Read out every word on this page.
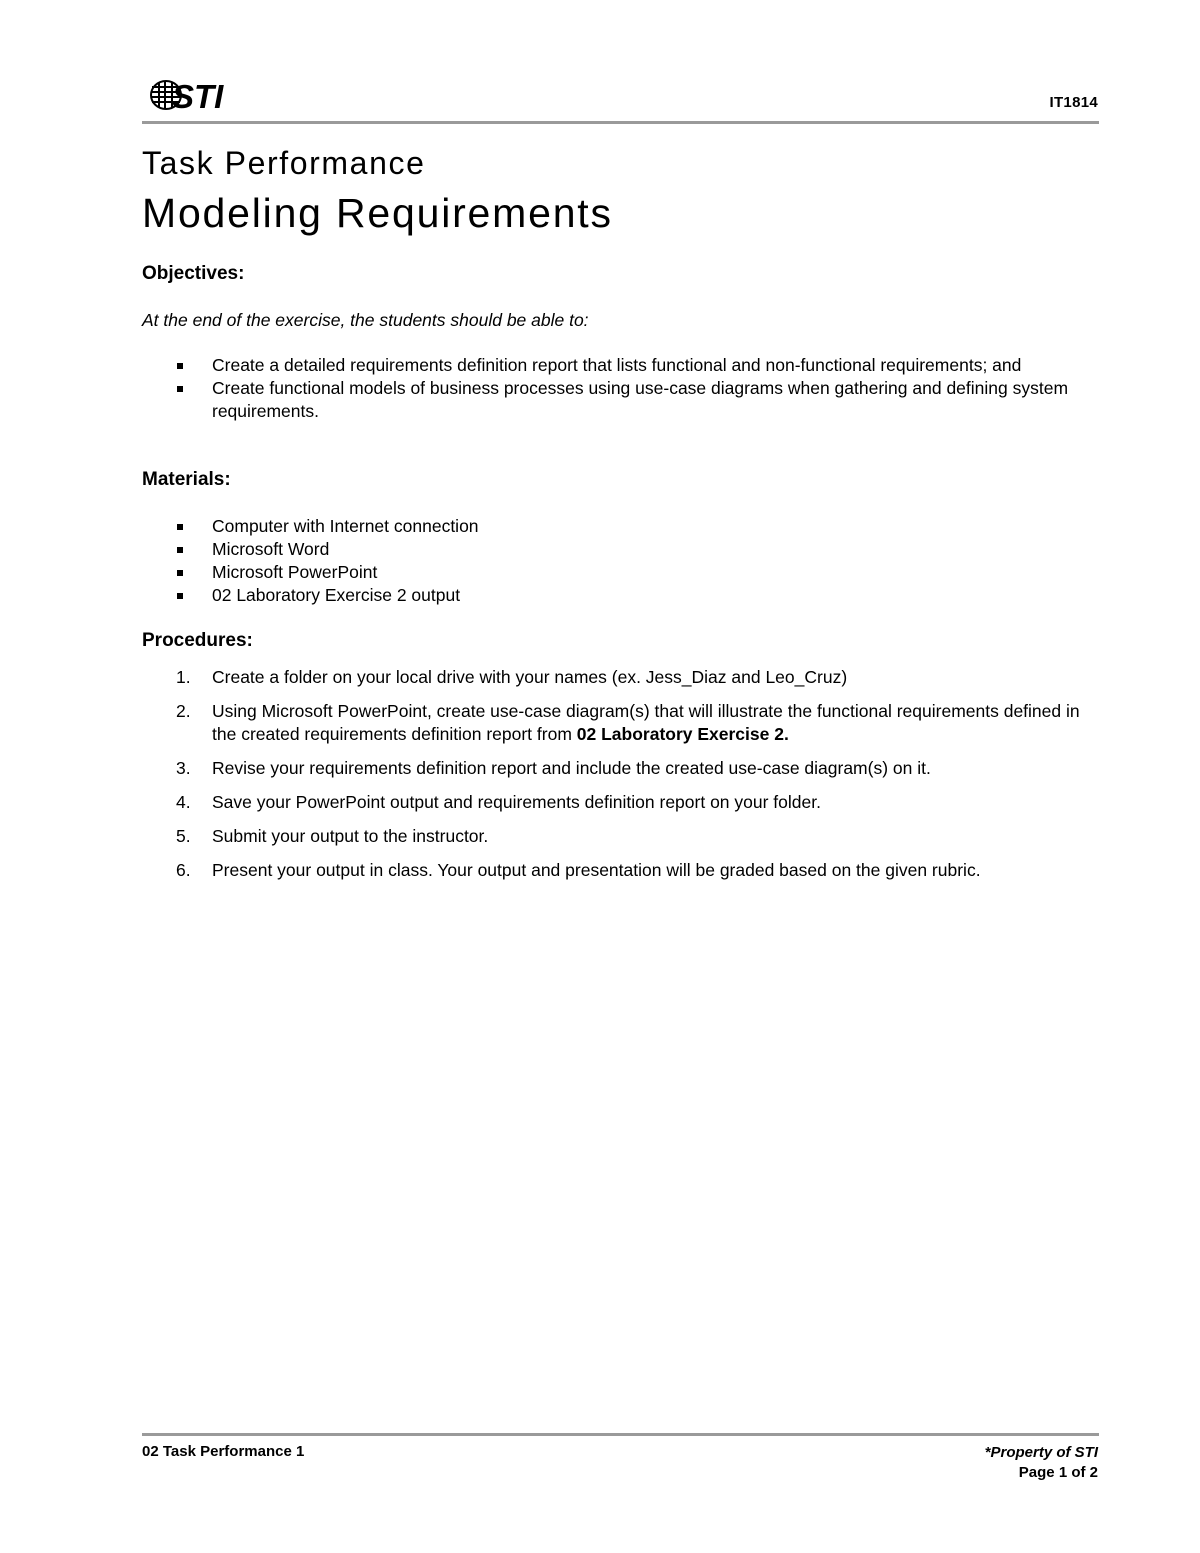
STI	IT1814
Task Performance
Modeling Requirements
Objectives:
At the end of the exercise, the students should be able to:
Create a detailed requirements definition report that lists functional and non-functional requirements; and
Create functional models of business processes using use-case diagrams when gathering and defining system requirements.
Materials:
Computer with Internet connection
Microsoft Word
Microsoft PowerPoint
02 Laboratory Exercise 2 output
Procedures:
1. Create a folder on your local drive with your names (ex. Jess_Diaz and Leo_Cruz)
2. Using Microsoft PowerPoint, create use-case diagram(s) that will illustrate the functional requirements defined in the created requirements definition report from 02 Laboratory Exercise 2.
3. Revise your requirements definition report and include the created use-case diagram(s) on it.
4. Save your PowerPoint output and requirements definition report on your folder.
5. Submit your output to the instructor.
6. Present your output in class. Your output and presentation will be graded based on the given rubric.
02 Task Performance 1	*Property of STI
Page 1 of 2
